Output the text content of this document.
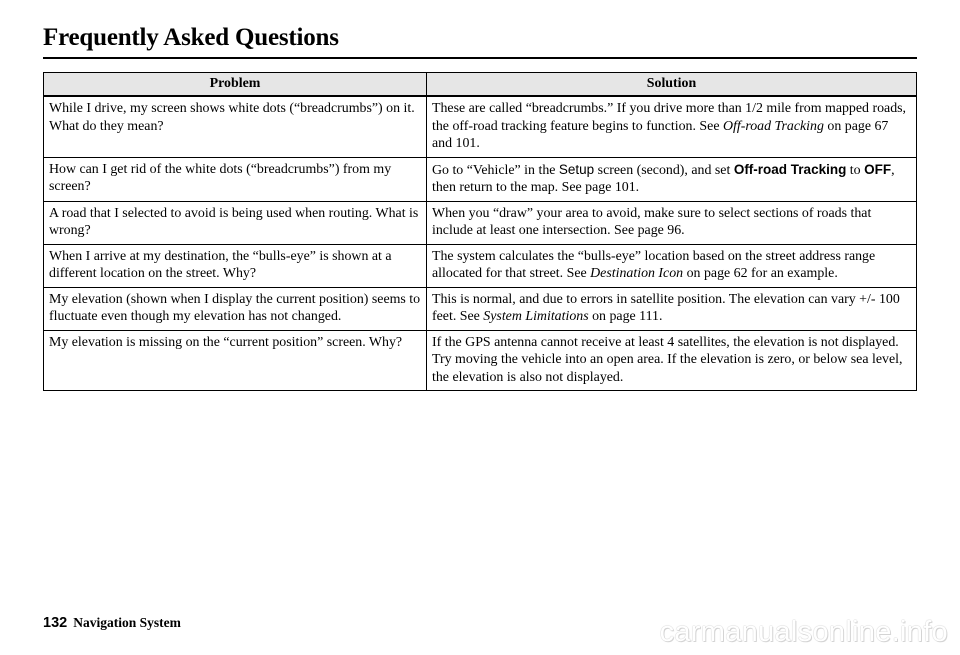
Frequently Asked Questions
Problem	Solution
While I drive, my screen shows white dots (“breadcrumbs”) on it. What do they mean?	These are called “breadcrumbs.” If you drive more than 1/2 mile from mapped roads, the off-road tracking feature begins to function. See Off-road Tracking on page 67 and 101.
How can I get rid of the white dots (“breadcrumbs”) from my screen?	Go to “Vehicle” in the Setup screen (second), and set Off-road Tracking to OFF, then return to the map. See page 101.
A road that I selected to avoid is being used when routing. What is wrong?	When you “draw” your area to avoid, make sure to select sections of roads that include at least one intersection. See page 96.
When I arrive at my destination, the “bulls-eye” is shown at a different location on the street. Why?	The system calculates the “bulls-eye” location based on the street address range allocated for that street. See Destination Icon on page 62 for an example.
My elevation (shown when I display the current position) seems to fluctuate even though my elevation has not changed.	This is normal, and due to errors in satellite position. The elevation can vary +/- 100 feet. See System Limitations on page 111.
My elevation is missing on the “current position” screen. Why?	If the GPS antenna cannot receive at least 4 satellites, the elevation is not displayed. Try moving the vehicle into an open area. If the elevation is zero, or below sea level, the elevation is also not displayed.
132 Navigation System	carmanualsonline.info
